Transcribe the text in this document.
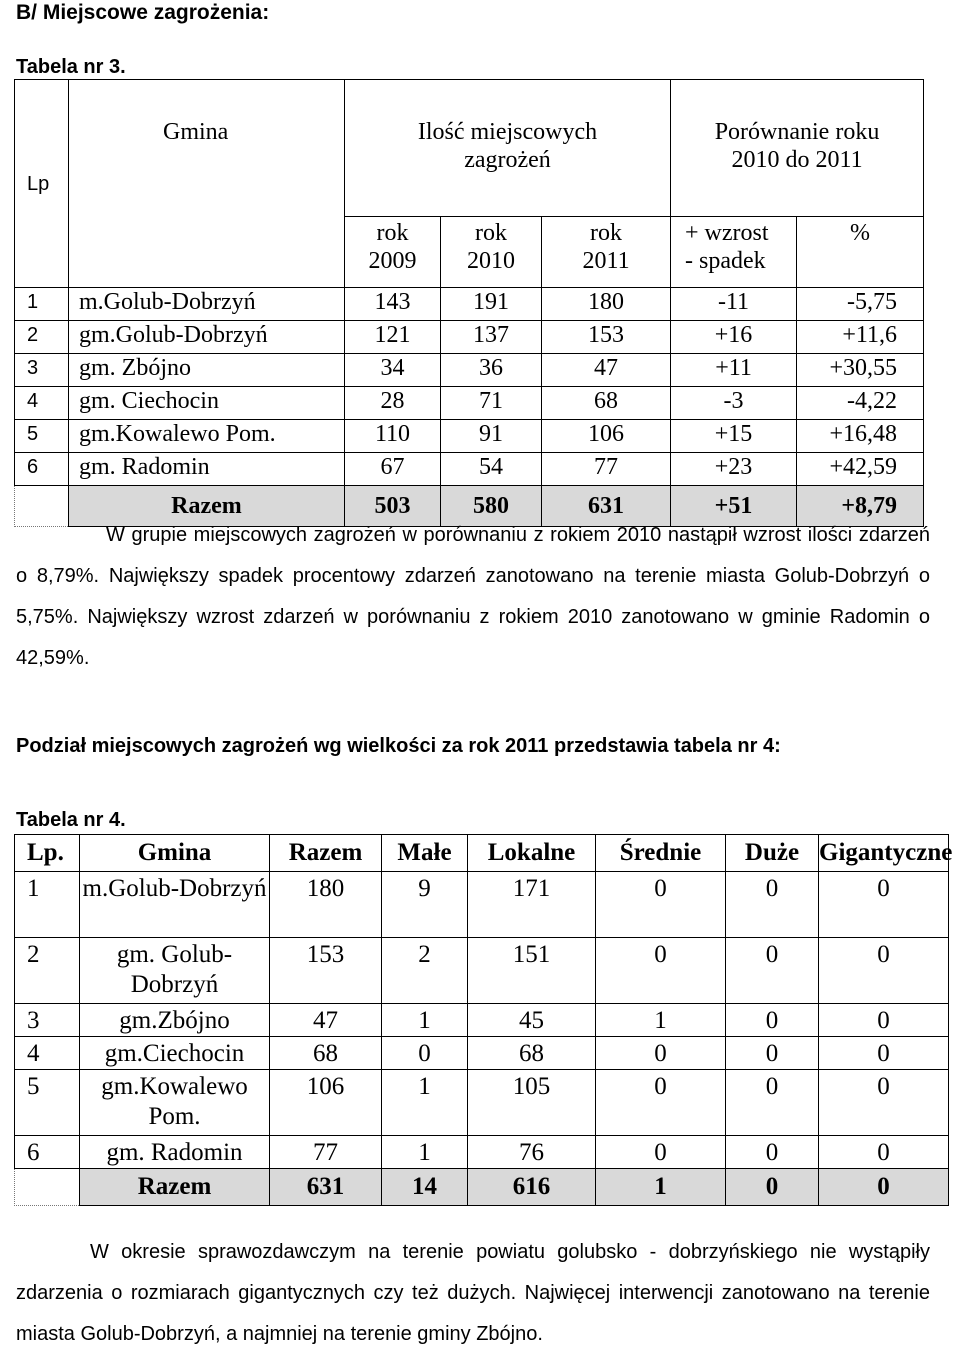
B/ Miejscowe zagrożenia:
Tabela nr 3.
Lp	Gmina	Ilość miejscowych zagrożeń			Porównanie roku 2010 do 2011	
		rok 2009	rok 2010	rok 2011	+ wzrost - spadek	%
1	m.Golub-Dobrzyń	143	191	180	-11	-5,75
2	gm.Golub-Dobrzyń	121	137	153	+16	+11,6
3	gm. Zbójno	34	36	47	+11	+30,55
4	gm. Ciechocin	28	71	68	-3	-4,22
5	gm.Kowalewo Pom.	110	91	106	+15	+16,48
6	gm. Radomin	67	54	77	+23	+42,59
	Razem	503	580	631	+51	+8,79
W grupie miejscowych zagrożeń w porównaniu z rokiem 2010 nastąpił wzrost ilości zdarzeń o 8,79%. Największy spadek procentowy zdarzeń zanotowano na terenie miasta Golub-Dobrzyń o 5,75%. Największy wzrost zdarzeń w porównaniu z rokiem 2010 zanotowano w gminie Radomin o 42,59%.
Podział miejscowych zagrożeń wg wielkości za rok 2011 przedstawia tabela nr 4:
Tabela nr 4.
Lp.	Gmina	Razem	Małe	Lokalne	Średnie	Duże	Gigantyczne
1	m.Golub-Dobrzyń	180	9	171	0	0	0
2	gm. Golub-Dobrzyń	153	2	151	0	0	0
3	gm.Zbójno	47	1	45	1	0	0
4	gm.Ciechocin	68	0	68	0	0	0
5	gm.Kowalewo Pom.	106	1	105	0	0	0
6	gm. Radomin	77	1	76	0	0	0
	Razem	631	14	616	1	0	0
W okresie sprawozdawczym na terenie powiatu golubsko - dobrzyńskiego nie wystąpiły zdarzenia o rozmiarach gigantycznych czy też dużych. Najwięcej interwencji zanotowano na terenie miasta Golub-Dobrzyń, a najmniej na terenie gminy Zbójno.
